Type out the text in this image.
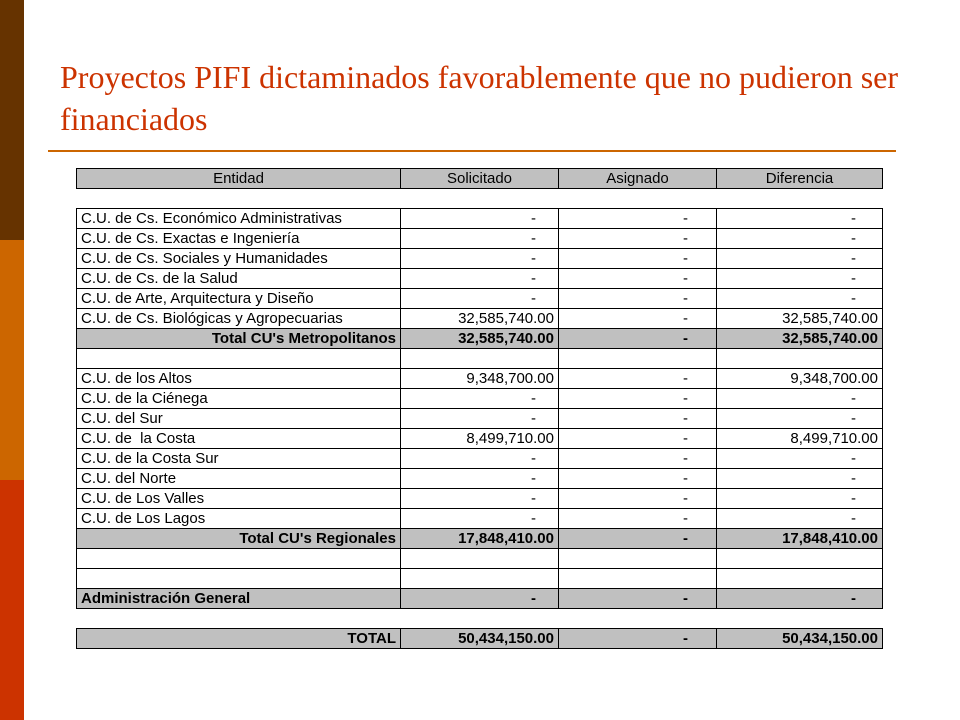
Proyectos PIFI dictaminados favorablemente que no pudieron ser financiados
Entidad	Solicitado	Asignado	Diferencia

C.U. de Cs. Económico Administrativas	-	-	-
C.U. de Cs. Exactas e Ingeniería	-	-	-
C.U. de Cs. Sociales y Humanidades	-	-	-
C.U. de Cs. de la Salud	-	-	-
C.U. de Arte, Arquitectura y Diseño	-	-	-
C.U. de Cs. Biológicas y Agropecuarias	32,585,740.00	-	32,585,740.00
Total CU's Metropolitanos	32,585,740.00	-	32,585,740.00

C.U. de los Altos	9,348,700.00	-	9,348,700.00
C.U. de la Ciénega	-	-	-
C.U. del Sur	-	-	-
C.U. de  la Costa	8,499,710.00	-	8,499,710.00
C.U. de la Costa Sur	-	-	-
C.U. del Norte	-	-	-
C.U. de Los Valles	-	-	-
C.U. de Los Lagos	-	-	-
Total CU's Regionales	17,848,410.00	-	17,848,410.00

Administración General	-	-	-

TOTAL	50,434,150.00	-	50,434,150.00
